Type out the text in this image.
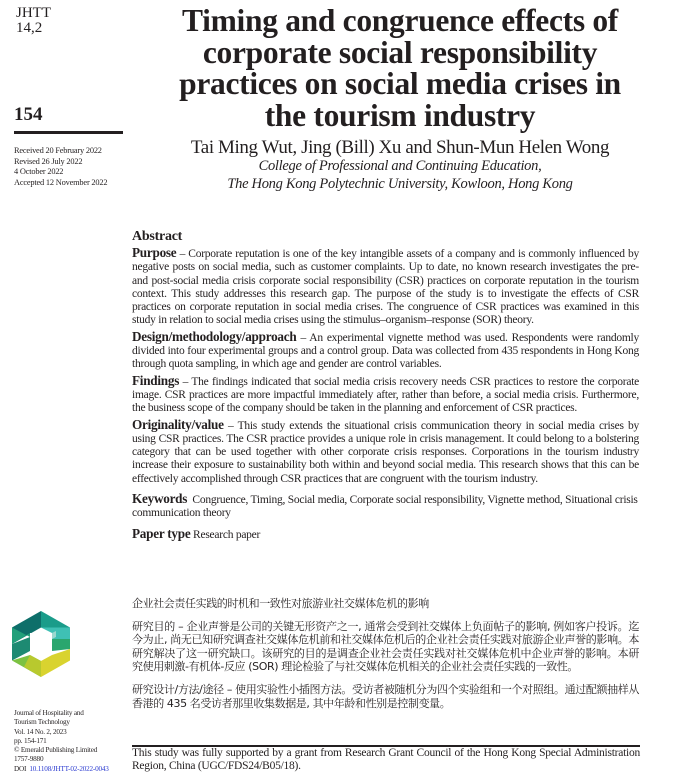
JHTT
14,2
154
Received 20 February 2022
Revised 26 July 2022
4 October 2022
Accepted 12 November 2022
Journal of Hospitality and
Tourism Technology
Vol. 14 No. 2, 2023
pp. 154-171
© Emerald Publishing Limited
1757-9880
DOI 10.1108/JHTT-02-2022-0043
Timing and congruence effects of
corporate social responsibility
practices on social media crises in
the tourism industry
Tai Ming Wut, Jing (Bill) Xu and Shun-Mun Helen Wong
College of Professional and Continuing Education,
The Hong Kong Polytechnic University, Kowloon, Hong Kong
Abstract

Purpose – Corporate reputation is one of the key intangible assets of a company and is commonly influenced by negative posts on social media, such as customer complaints. Up to date, no known research investigates the pre- and post-social media crisis corporate social responsibility (CSR) practices on corporate reputation in the tourism context. This study addresses this research gap. The purpose of the study is to investigate the effects of CSR practices on corporate reputation in social media crises. The congruence of CSR practices was examined in this study in relation to social media crises using the stimulus–organism–response (SOR) theory.

Design/methodology/approach – An experimental vignette method was used. Respondents were randomly divided into four experimental groups and a control group. Data was collected from 435 respondents in Hong Kong through quota sampling, in which age and gender are control variables.

Findings – The findings indicated that social media crisis recovery needs CSR practices to restore the corporate image. CSR practices are more impactful immediately after, rather than before, a social media crisis. Furthermore, the business scope of the company should be taken in the planning and enforcement of CSR practices.

Originality/value – This study extends the situational crisis communication theory in social media crises by using CSR practices. The CSR practice provides a unique role in crisis management. It could belong to a bolstering category that can be used together with other corporate crisis responses. Corporations in the tourism industry increase their exposure to sustainability both within and beyond social media. This research shows that this can be effectively accomplished through CSR practices that are congruent with the tourism industry.

Keywords Congruence, Timing, Social media, Corporate social responsibility, Vignette method, Situational crisis communication theory

Paper type Research paper

企业社会责任实践的时机和一致性对旅游业社交媒体危机的影响

研究目的 – 企业声誉是公司的关键无形资产之一, 通常会受到社交媒体上负面帖子的影响, 例如客户投诉。迄今为止, 尚无已知研究调查社交媒体危机前和社交媒体危机后的企业社会责任实践对旅游企业声誉的影响。本研究解决了这一研究缺口。该研究的目的是调查企业社会责任实践对社交媒体危机中企业声誉的影响。本研究使用刺激-有机体-反应 (SOR) 理论检验了与社交媒体危机相关的企业社会责任实践的一致性。

研究设计/方法/途径 – 使用实验性小插图方法。受访者被随机分为四个实验组和一个对照组。通过配额抽样从香港的 435 名受访者那里收集数据是, 其中年龄和性别是控制变量。

This study was fully supported by a grant from Research Grant Council of the Hong Kong Special Administration Region, China (UGC/FDS24/B05/18).
